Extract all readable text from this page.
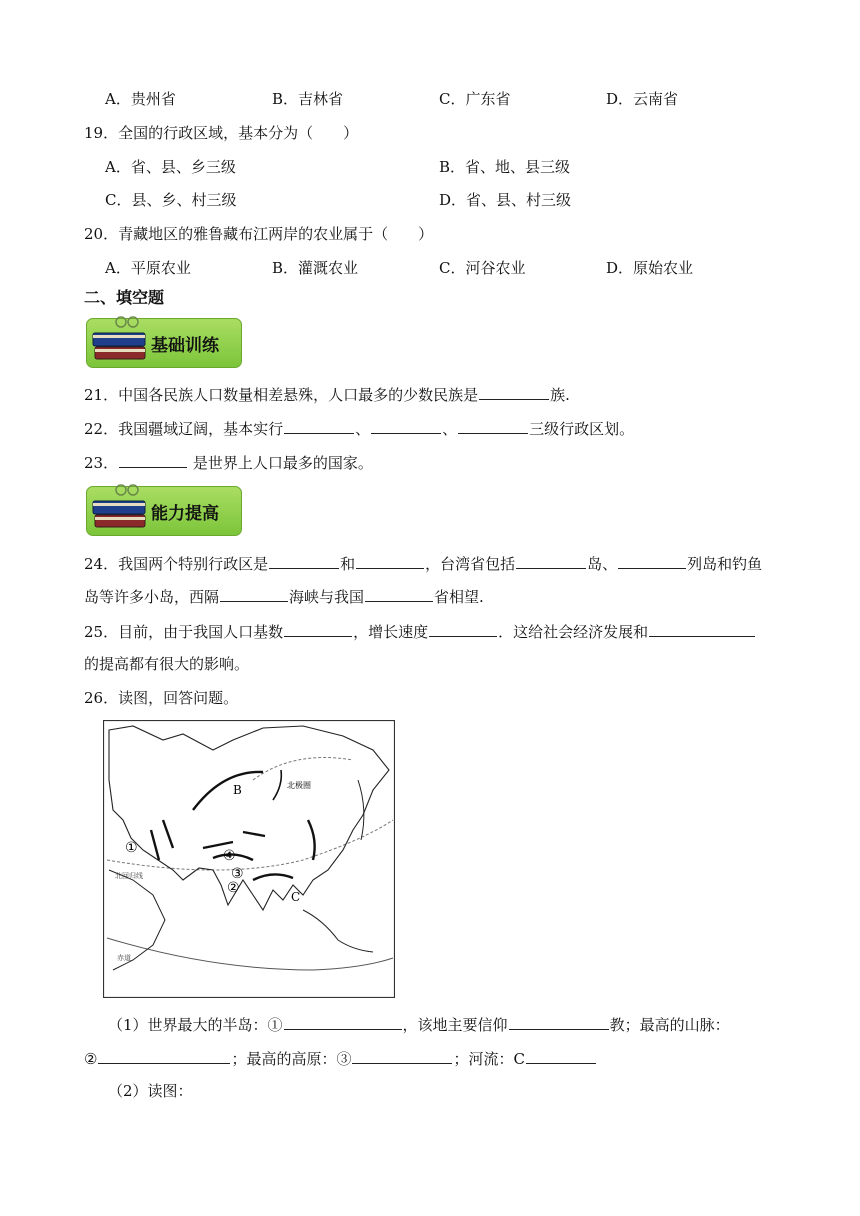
A．贵州省	B．吉林省	C．广东省	D．云南省
19．全国的行政区域，基本分为（　　）
A．省、县、乡三级	B．省、地、县三级
C．县、乡、村三级	D．省、县、村三级
20．青藏地区的雅鲁藏布江两岸的农业属于（　　）
A．平原农业	B．灌溉农业	C．河谷农业	D．原始农业
二、填空题
基础训练
21．中国各民族人口数量相差悬殊，人口最多的少数民族是	族.
22．我国疆域辽阔，基本实行	、	、	三级行政区划。
23．	是世界上人口最多的国家。
能力提高
24．我国两个特别行政区是	和	，台湾省包括	岛、	列岛和钓鱼
岛等许多小岛，西隔	海峡与我国	省相望.
25．目前，由于我国人口基数	，增长速度	．这给社会经济发展和
的提高都有很大的影响。
26．读图，回答问题。
B
C
北极圈
北回归线
赤道
①
②
③
④
（1）世界最大的半岛：①	，该地主要信仰	教；最高的山脉：
②	；最高的高原：③	；河流：C
（2）读图：
